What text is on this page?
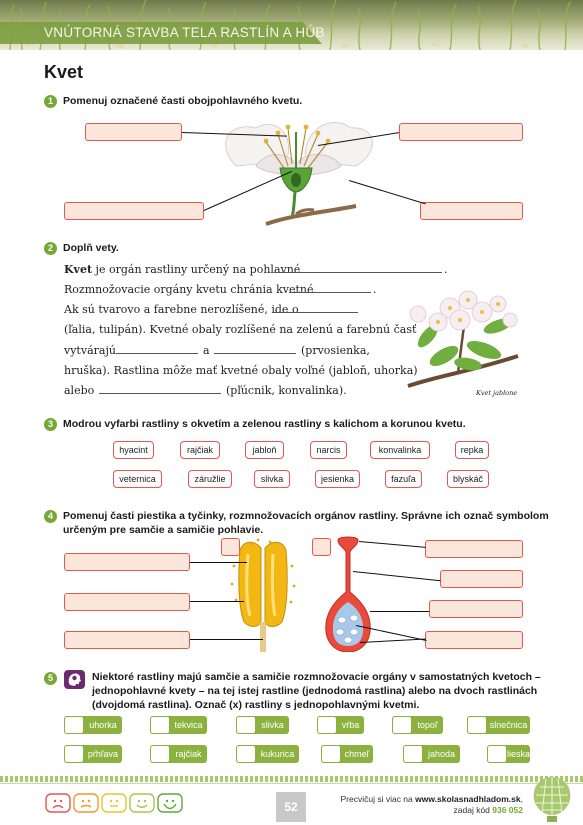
VNÚTORNÁ STAVBA TELA RASTLÍN A HÚB
Kvet
1 Pomenuj označené časti obojpohlavného kvetu.
2 Doplň vety.
Kvet je orgán rastliny určený na pohlavné	.
Rozmnožovacie orgány kvetu chránia kvetné	.
Ak sú tvarovo a farebne nerozlíšené, ide o
(ľalia, tulipán). Kvetné obaly rozlíšené na zelenú a farebnú časť
vytvárajú	a	(prvosienka,
hruška). Rastlina môže mať kvetné obaly voľné (jabloň, uhorka)
alebo	(pľúcnik, konvalinka).	Kvet jablone
3 Modrou vyfarbi rastliny s okvetím a zelenou rastliny s kalichom a korunou kvetu.
hyacint	rajčiak	jabloň	narcis	konvalinka	repka
veternica	záružlie	slivka	jesienka	fazuľa	blyskáč
4 Pomenuj časti piestika a tyčinky, rozmnožovacích orgánov rastliny. Správne ich označ symbolom
určeným pre samčie a samičie pohlavie.
5	Niektoré rastliny majú samčie a samičie rozmnožovacie orgány v samostatných kvetoch –
jednopohlavné kvety – na tej istej rastline (jednodomá rastlina) alebo na dvoch rastlinách
(dvojdomá rastlina). Označ (x) rastliny s jednopohlavnými kvetmi.
uhorka	tekvica	slivka	vŕba	topoľ	slnečnica
pŕhľava	rajčiak	kukurica	chmeľ	jahoda	lieska
52
Precvičuj si viac na www.skolasnadhladom.sk,
zadaj kód 936 052
